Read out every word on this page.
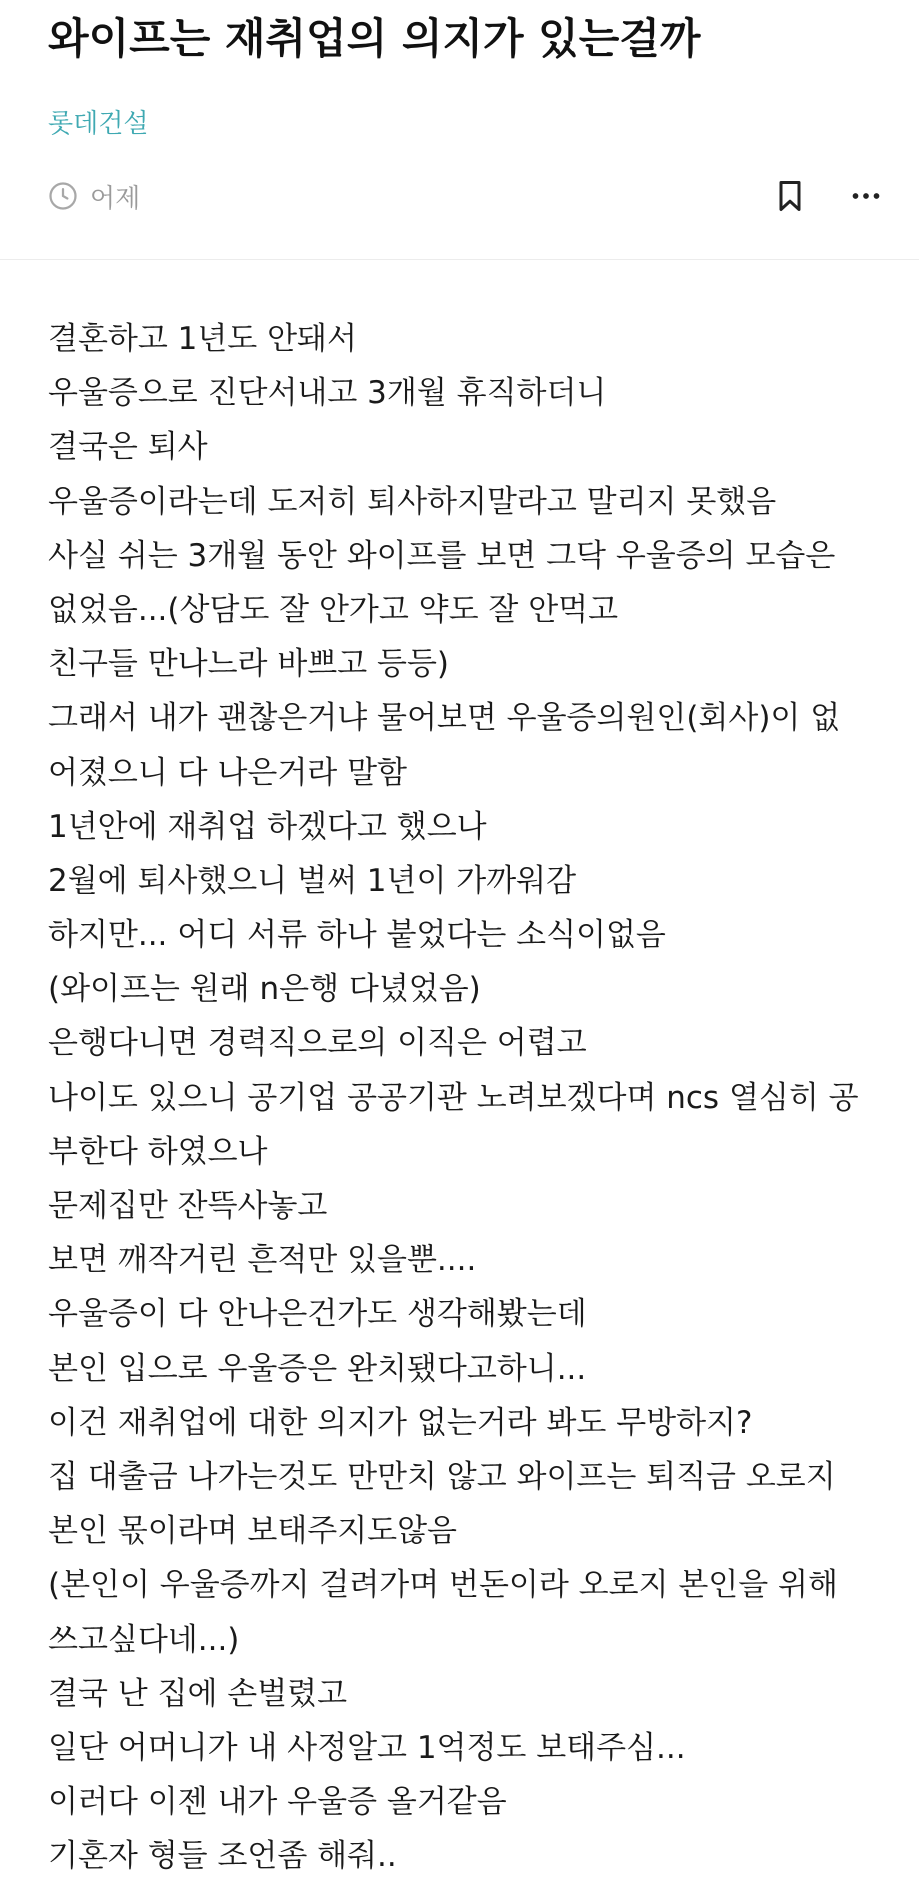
와이프는 재취업의 의지가 있는걸까
롯데건설
어제
결혼하고 1년도 안돼서
우울증으로 진단서내고 3개월 휴직하더니
결국은 퇴사
우울증이라는데 도저히 퇴사하지말라고 말리지 못했음
사실 쉬는 3개월 동안 와이프를 보면 그닥 우울증의 모습은
없었음...(상담도 잘 안가고 약도 잘 안먹고
친구들 만나느라 바쁘고 등등)
그래서 내가 괜찮은거냐 물어보면 우울증의원인(회사)이 없
어졌으니 다 나은거라 말함
1년안에 재취업 하겠다고 했으나
2월에 퇴사했으니 벌써 1년이 가까워감
하지만... 어디 서류 하나 붙었다는 소식이없음
(와이프는 원래 n은행 다녔었음)
은행다니면 경력직으로의 이직은 어렵고
나이도 있으니 공기업 공공기관 노려보겠다며 ncs 열심히 공
부한다 하였으나
문제집만 잔뜩사놓고
보면 깨작거린 흔적만 있을뿐....
우울증이 다 안나은건가도 생각해봤는데
본인 입으로 우울증은 완치됐다고하니...
이건 재취업에 대한 의지가 없는거라 봐도 무방하지?
집 대출금 나가는것도 만만치 않고 와이프는 퇴직금 오로지
본인 몫이라며 보태주지도않음
(본인이 우울증까지 걸려가며 번돈이라 오로지 본인을 위해
쓰고싶다네...)
결국 난 집에 손벌렸고
일단 어머니가 내 사정알고 1억정도 보태주심...
이러다 이젠 내가 우울증 올거같음
기혼자 형들 조언좀 해줘..
